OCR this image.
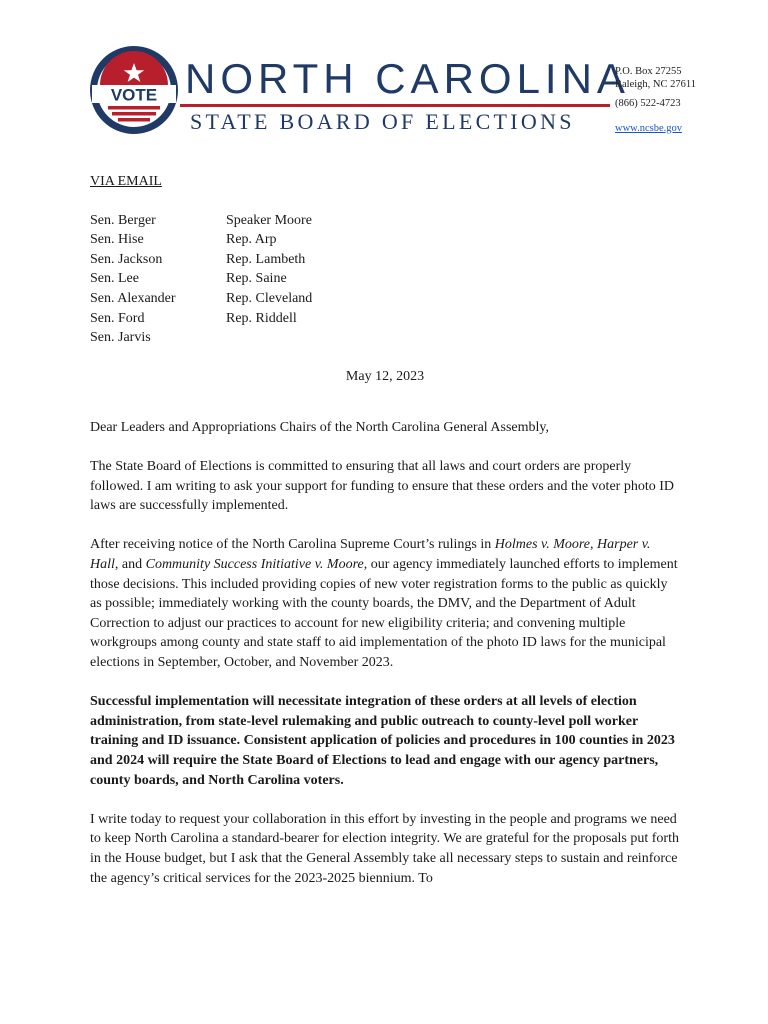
VOTE NORTH CAROLINA
STATE BOARD OF ELECTIONS
P.O. Box 27255
Raleigh, NC 27611
(866) 522-4723
www.ncsbe.gov
VIA EMAIL
Sen. Berger
Sen. Hise
Sen. Jackson
Sen. Lee
Sen. Alexander
Sen. Ford
Sen. Jarvis
Speaker Moore
Rep. Arp
Rep. Lambeth
Rep. Saine
Rep. Cleveland
Rep. Riddell
May 12, 2023

Dear Leaders and Appropriations Chairs of the North Carolina General Assembly,

The State Board of Elections is committed to ensuring that all laws and court orders are properly followed. I am writing to ask your support for funding to ensure that these orders and the voter photo ID laws are successfully implemented.

After receiving notice of the North Carolina Supreme Court’s rulings in Holmes v. Moore, Harper v. Hall, and Community Success Initiative v. Moore, our agency immediately launched efforts to implement those decisions. This included providing copies of new voter registration forms to the public as quickly as possible; immediately working with the county boards, the DMV, and the Department of Adult Correction to adjust our practices to account for new eligibility criteria; and convening multiple workgroups among county and state staff to aid implementation of the photo ID laws for the municipal elections in September, October, and November 2023.

Successful implementation will necessitate integration of these orders at all levels of election administration, from state-level rulemaking and public outreach to county-level poll worker training and ID issuance. Consistent application of policies and procedures in 100 counties in 2023 and 2024 will require the State Board of Elections to lead and engage with our agency partners, county boards, and North Carolina voters.

I write today to request your collaboration in this effort by investing in the people and programs we need to keep North Carolina a standard-bearer for election integrity. We are grateful for the proposals put forth in the House budget, but I ask that the General Assembly take all necessary steps to sustain and reinforce the agency’s critical services for the 2023-2025 biennium. To
